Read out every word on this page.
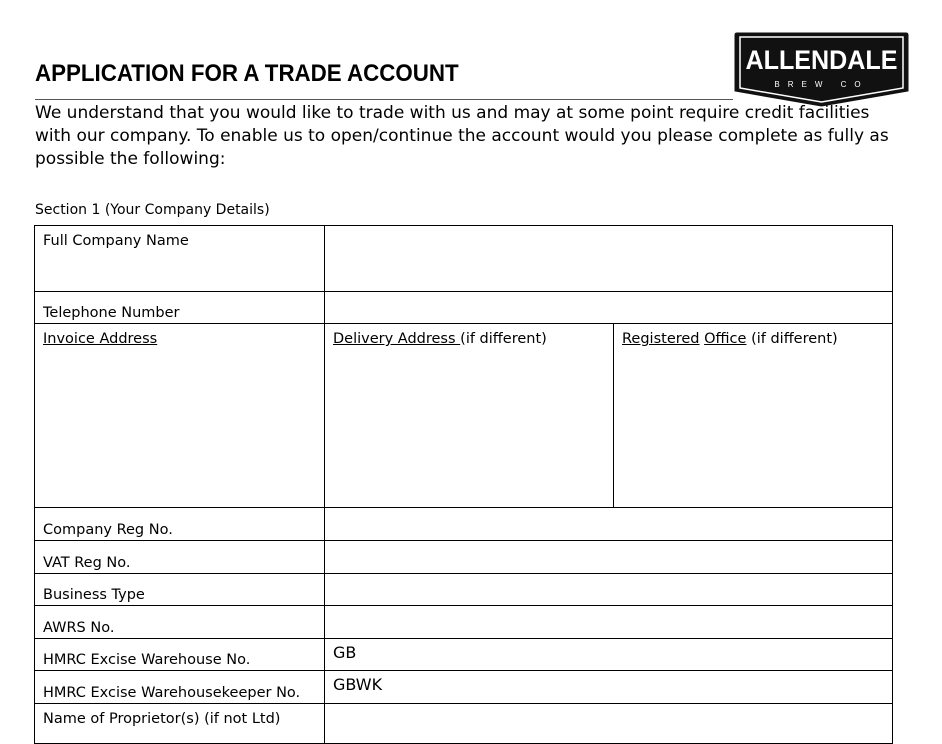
APPLICATION FOR A TRADE ACCOUNT
We understand that you would like to trade with us and may at some point require credit facilities with our company. To enable us to open/continue the account would you please complete as fully as possible the following:
ALLENDALE
BREW CO
Section 1 (Your Company Details)
Full Company Name		
Telephone Number		
Invoice Address	Delivery Address (if different)	Registered Office (if different)
Company Reg No.		
VAT Reg No.		
Business Type		
AWRS No.		
HMRC Excise Warehouse No.	GB	

HMRC Excise Warehousekeeper No.	GBWK	

Name of Proprietor(s) (if not Ltd)		
